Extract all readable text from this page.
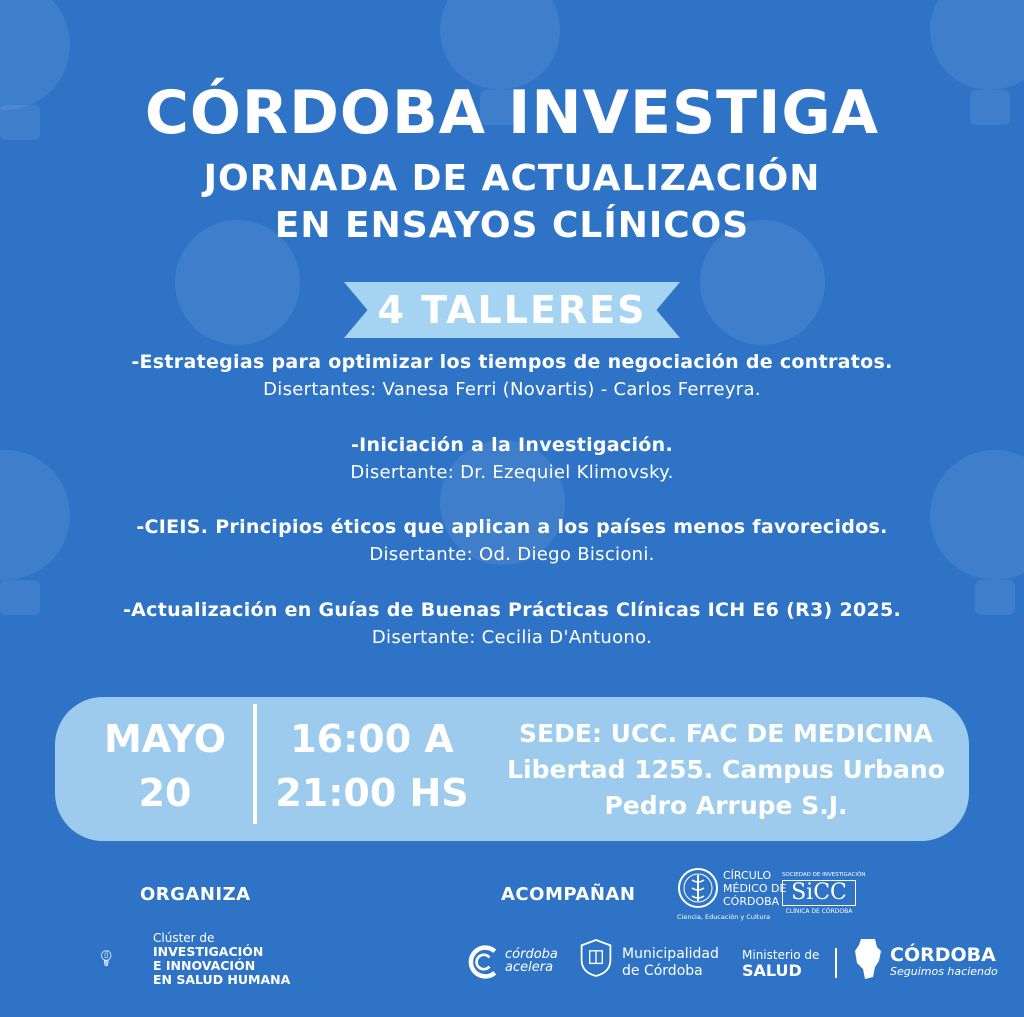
CÓRDOBA INVESTIGA
JORNADA DE ACTUALIZACIÓN
EN ENSAYOS CLÍNICOS
4 TALLERES
-Estrategias para optimizar los tiempos de negociación de contratos.
Disertantes: Vanesa Ferri (Novartis) - Carlos Ferreyra.
-Iniciación a la Investigación.
Disertante: Dr. Ezequiel Klimovsky.
-CIEIS. Principios éticos que aplican a los países menos favorecidos.
Disertante: Od. Diego Biscioni.
-Actualización en Guías de Buenas Prácticas Clínicas ICH E6 (R3) 2025.
Disertante: Cecilia D'Antuono.
MAYO
20
16:00 A
21:00 HS
SEDE: UCC. FAC DE MEDICINA
Libertad 1255. Campus Urbano
Pedro Arrupe S.J.
ORGANIZA	ACOMPAÑAN
Clúster de
INVESTIGACIÓN
E INNOVACIÓN
EN SALUD HUMANA
CÍRCULO
MÉDICO DE
CÓRDOBA
Ciencia, Educación y Cultura
SOCIEDAD DE INVESTIGACIÓN
SiCC
CLÍNICA DE CÓRDOBA
córdoba
acelera
Municipalidad
de Córdoba
Ministerio de
SALUD
CÓRDOBA
Seguimos haciendo
